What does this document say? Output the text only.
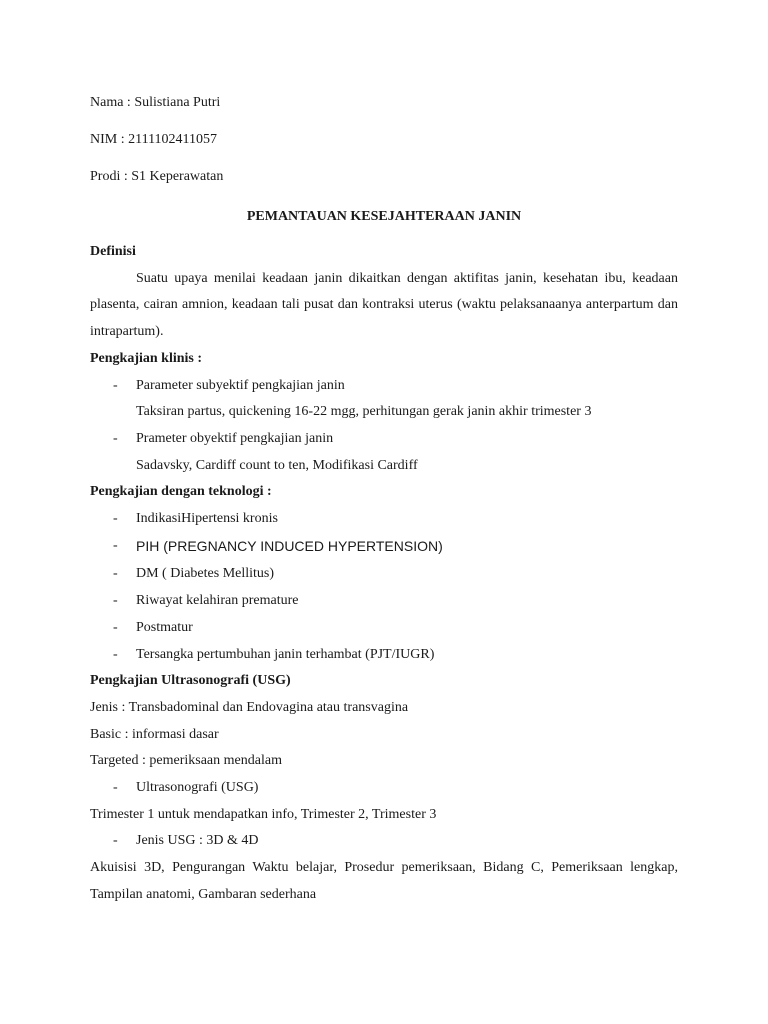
Nama : Sulistiana Putri
NIM : 2111102411057
Prodi : S1 Keperawatan
PEMANTAUAN KESEJAHTERAAN JANIN
Definisi
Suatu upaya menilai keadaan janin dikaitkan dengan aktifitas janin, kesehatan ibu, keadaan plasenta, cairan amnion, keadaan tali pusat dan kontraksi uterus (waktu pelaksanaanya anterpartum dan intrapartum).
Pengkajian klinis :
- Parameter subyektif pengkajian janin
Taksiran partus, quickening 16-22 mgg, perhitungan gerak janin akhir trimester 3
- Prameter obyektif pengkajian janin
Sadavsky, Cardiff count to ten, Modifikasi Cardiff
Pengkajian dengan teknologi :
- IndikasiHipertensi kronis
- PIH (PREGNANCY INDUCED HYPERTENSION)
- DM ( Diabetes Mellitus)
- Riwayat kelahiran premature
- Postmatur
- Tersangka pertumbuhan janin terhambat (PJT/IUGR)
Pengkajian Ultrasonografi (USG)
Jenis : Transbadominal dan Endovagina atau transvagina
Basic : informasi dasar
Targeted : pemeriksaan mendalam
- Ultrasonografi (USG)
Trimester 1 untuk mendapatkan info, Trimester 2, Trimester 3
- Jenis USG : 3D & 4D
Akuisisi 3D, Pengurangan Waktu belajar, Prosedur pemeriksaan, Bidang C, Pemeriksaan lengkap, Tampilan anatomi, Gambaran sederhana
